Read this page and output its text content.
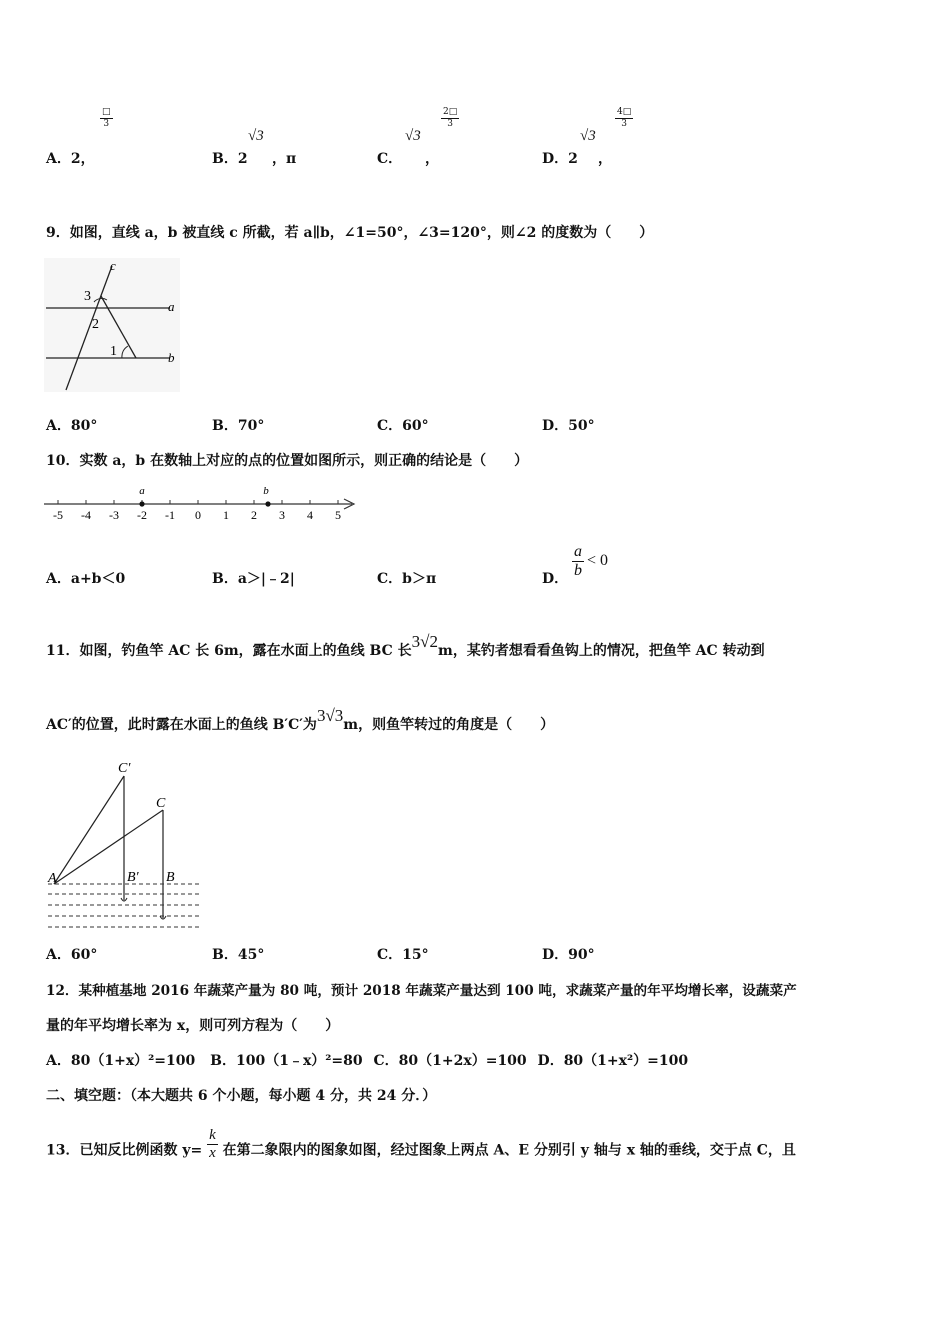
A．2，
$\frac{□}{3}$
B．2
√3
，π	C．
√3
，
$\frac{2□}{3}$
D．2
√3
，
$\frac{4□}{3}$
9．如图，直线 a，b 被直线 c 所截，若 a∥b，∠1=50°，∠3=120°，则∠2 的度数为（　　）
c
a
b
3
2
1
A．80°	B．70°	C．60°	D．50°
10．实数 a，b 在数轴上对应的点的位置如图所示，则正确的结论是（　　）
-5 -4 -3 -2 -1 0 1 2 3 4 5
a	b
A．a+b＜0	B．a＞|﹣2|	C．b＞π	D． $\frac{a}{b} < 0$
11．如图，钓鱼竿 AC 长 6m，露在水面上的鱼线 BC 长3√2m，某钓者想看看鱼钩上的情况，把鱼竿 AC 转动到
AC′的位置，此时露在水面上的鱼线 B′C′为3√3m，则鱼竿转过的角度是（　　）
A
C′
C
B′ B
A．60°	B．45°	C．15°	D．90°
12．某种植基地 2016 年蔬菜产量为 80 吨，预计 2018 年蔬菜产量达到 100 吨，求蔬菜产量的年平均增长率，设蔬菜产
量的年平均增长率为 x，则可列方程为（　　）
A．80（1+x）²=100 B．100（1﹣x）²=80 C．80（1+2x）=100 D．80（1+x²）=100
二、填空题：（本大题共 6 个小题，每小题 4 分，共 24 分．）
13．已知反比例函数 $y= \frac{k}{x}$ 在第二象限内的图象如图，经过图象上两点 A、E 分别引 y 轴与 x 轴的垂线，交于点 C，且
